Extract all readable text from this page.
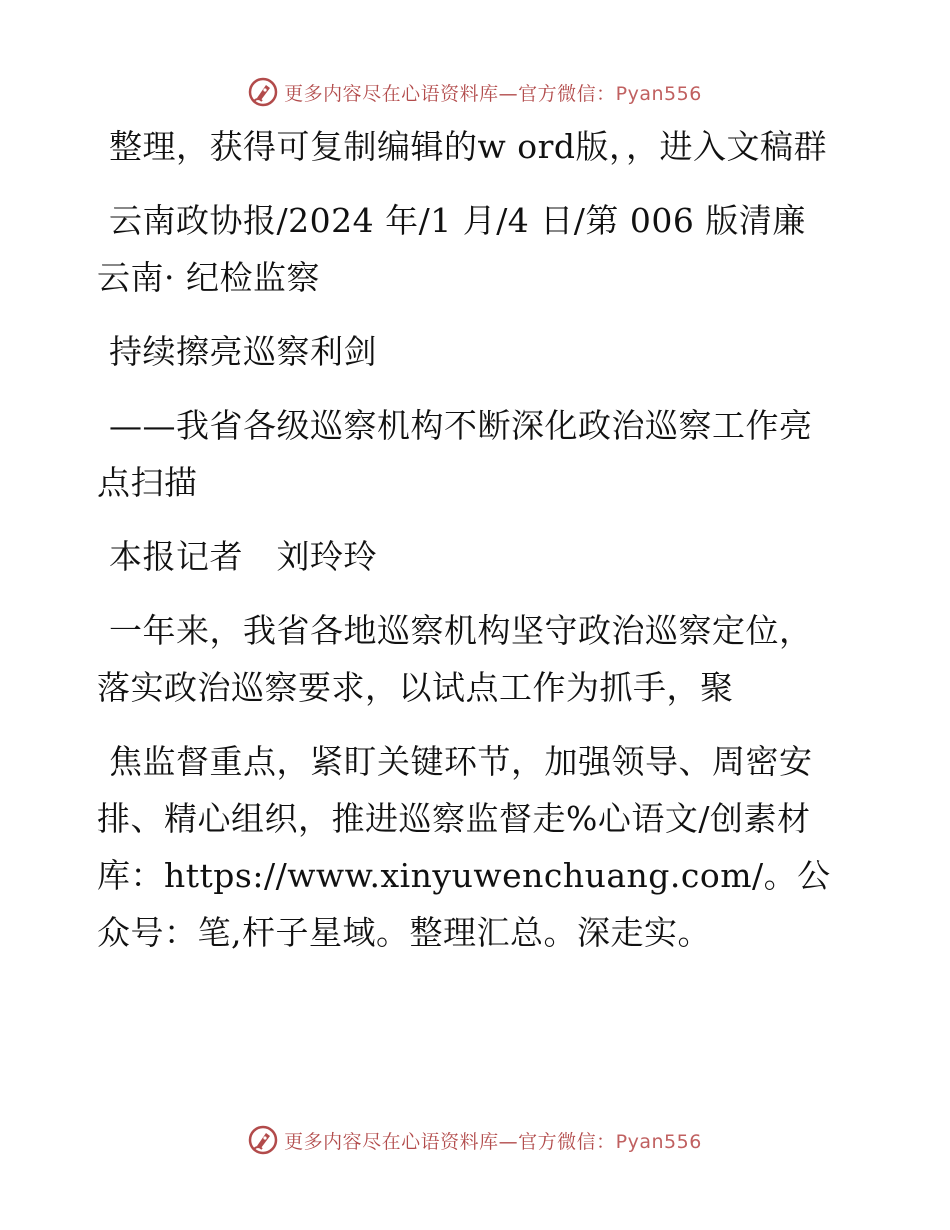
更多内容尽在心语资料库—官方微信：Pyan556

整理，获得可复制编辑的w ord版，，进入文稿群

云南政协报/2024 年/1 月/4 日/第 006 版清廉云南· 纪检监察

持续擦亮巡察利剑

——我省各级巡察机构不断深化政治巡察工作亮点扫描

本报记者　刘玲玲

一年来，我省各地巡察机构坚守政治巡察定位，落实政治巡察要求，以试点工作为抓手，聚

焦监督重点，紧盯关键环节，加强领导、周密安排、精心组织，推进巡察监督走%心语文/创素材库：https://www.xinyuwenchuang.com/。公众号：笔,杆子星域。整理汇总。深走实。

更多内容尽在心语资料库—官方微信：Pyan556
